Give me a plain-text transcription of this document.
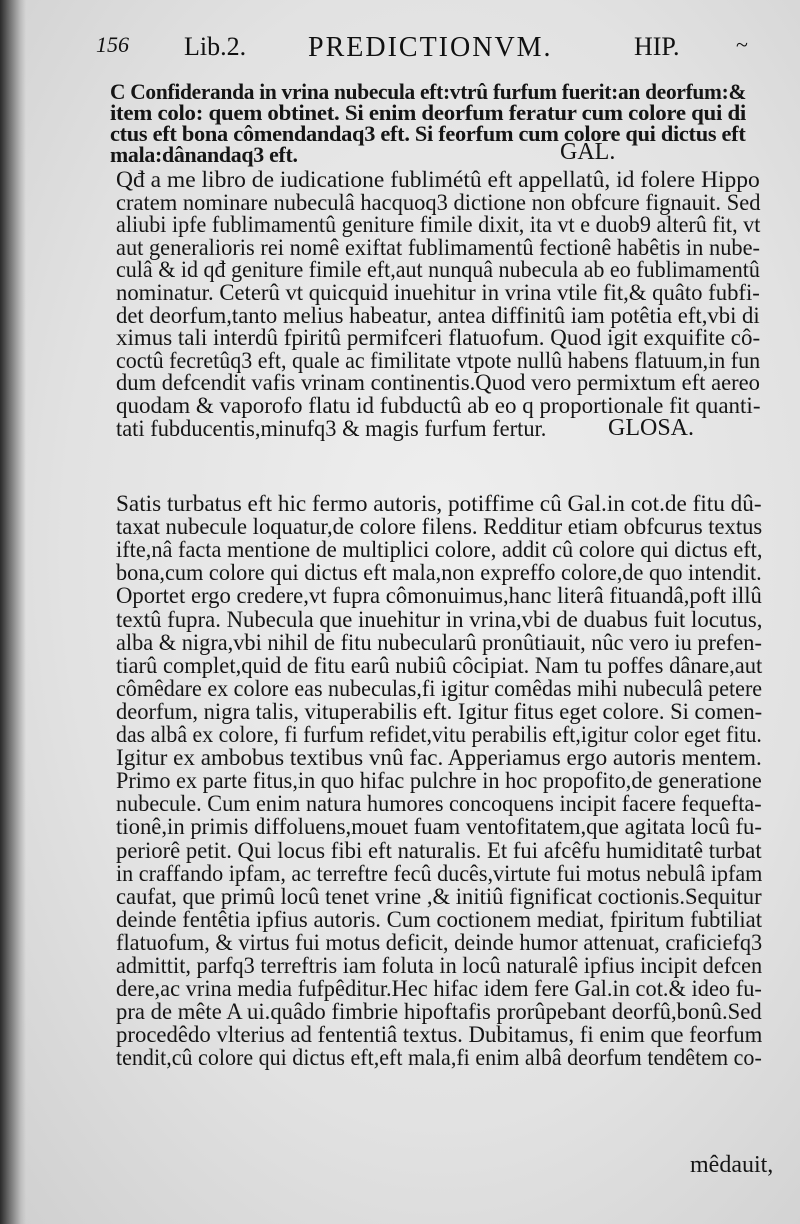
156 Lib.2. PREDICTIONVM.	HIP.	~
C Confideranda in vrina nubecula eft:vtrû furfum fuerit:an deorfum:&
item colo: quem obtinet. Si enim deorfum feratur cum colore qui di
ctus eft bona cômendandaq3 eft. Si feorfum cum colore qui dictus eft
mala:dânandaq3 eft.	GAL.
Qđ a me libro de iudicatione fublimétû eft appellatû, id folere Hippo
cratem nominare nubeculâ hacquoq3 dictione non obfcure fignauit. Sed
aliubi ipfe fublimamentû geniture fimile dixit, ita vt e duob9 alterû fit, vt
aut generalioris rei nomê exiftat fublimamentû fectionê habêtis in nube-
culâ & id qđ geniture fimile eft,aut nunquâ nubecula ab eo fublimamentû
nominatur. Ceterû vt quicquid inuehitur in vrina vtile fit,& quâto fubfi-
det deorfum,tanto melius habeatur, antea diffinitû iam potêtia eft,vbi di
ximus tali interdû fpiritû permifceri flatuofum. Quod igit exquifite cô-
coctû fecretûq3 eft, quale ac fimilitate vtpote nullû habens flatuum,in fun
dum defcendit vafis vrinam continentis.Quod vero permixtum eft aereo
quodam & vaporofo flatu id fubductû ab eo q proportionale fit quanti-
tati fubducentis,minufq3 & magis furfum fertur.	GLOSA.
Satis turbatus eft hic fermo autoris, potiffime cû Gal.in cot.de fitu dû-
taxat nubecule loquatur,de colore filens. Redditur etiam obfcurus textus
ifte,nâ facta mentione de multiplici colore, addit cû colore qui dictus eft,
bona,cum colore qui dictus eft mala,non expreffo colore,de quo intendit.
Oportet ergo credere,vt fupra cômonuimus,hanc literâ fituandâ,poft illû
textû fupra. Nubecula que inuehitur in vrina,vbi de duabus fuit locutus,
alba & nigra,vbi nihil de fitu nubecularû pronûtiauit, nûc vero iu prefen-
tiarû complet,quid de fitu earû nubiû côcipiat. Nam tu poffes dânare,aut
cômêdare ex colore eas nubeculas,fi igitur comêdas mihi nubeculâ petere
deorfum, nigra talis, vituperabilis eft. Igitur fitus eget colore. Si comen-
das albâ ex colore, fi furfum refidet,vitu perabilis eft,igitur color eget fitu.
Igitur ex ambobus textibus vnû fac. Apperiamus ergo autoris mentem.
Primo ex parte fitus,in quo hifac pulchre in hoc propofito,de generatione
nubecule. Cum enim natura humores concoquens incipit facere fequefta-
tionê,in primis diffoluens,mouet fuam ventofitatem,que agitata locû fu-
periorê petit. Qui locus fibi eft naturalis. Et fui afcêfu humiditatê turbat
in craffando ipfam, ac terreftre fecû ducês,virtute fui motus nebulâ ipfam
caufat, que primû locû tenet vrine ,& initiû fignificat coctionis.Sequitur
deinde fentêtia ipfius autoris. Cum coctionem mediat, fpiritum fubtiliat
flatuofum, & virtus fui motus deficit, deinde humor attenuat, craficiefq3
admittit, parfq3 terreftris iam foluta in locû naturalê ipfius incipit defcen
dere,ac vrina media fufpêditur.Hec hifac idem fere Gal.in cot.& ideo fu-
pra de mête A ui.quâdo fimbrie hipoftafis prorûpebant deorfû,bonû.Sed
procedêdo vlterius ad fententiâ textus. Dubitamus, fi enim que feorfum
tendit,cû colore qui dictus eft,eft mala,fi enim albâ deorfum tendêtem co-
mêdauit,
